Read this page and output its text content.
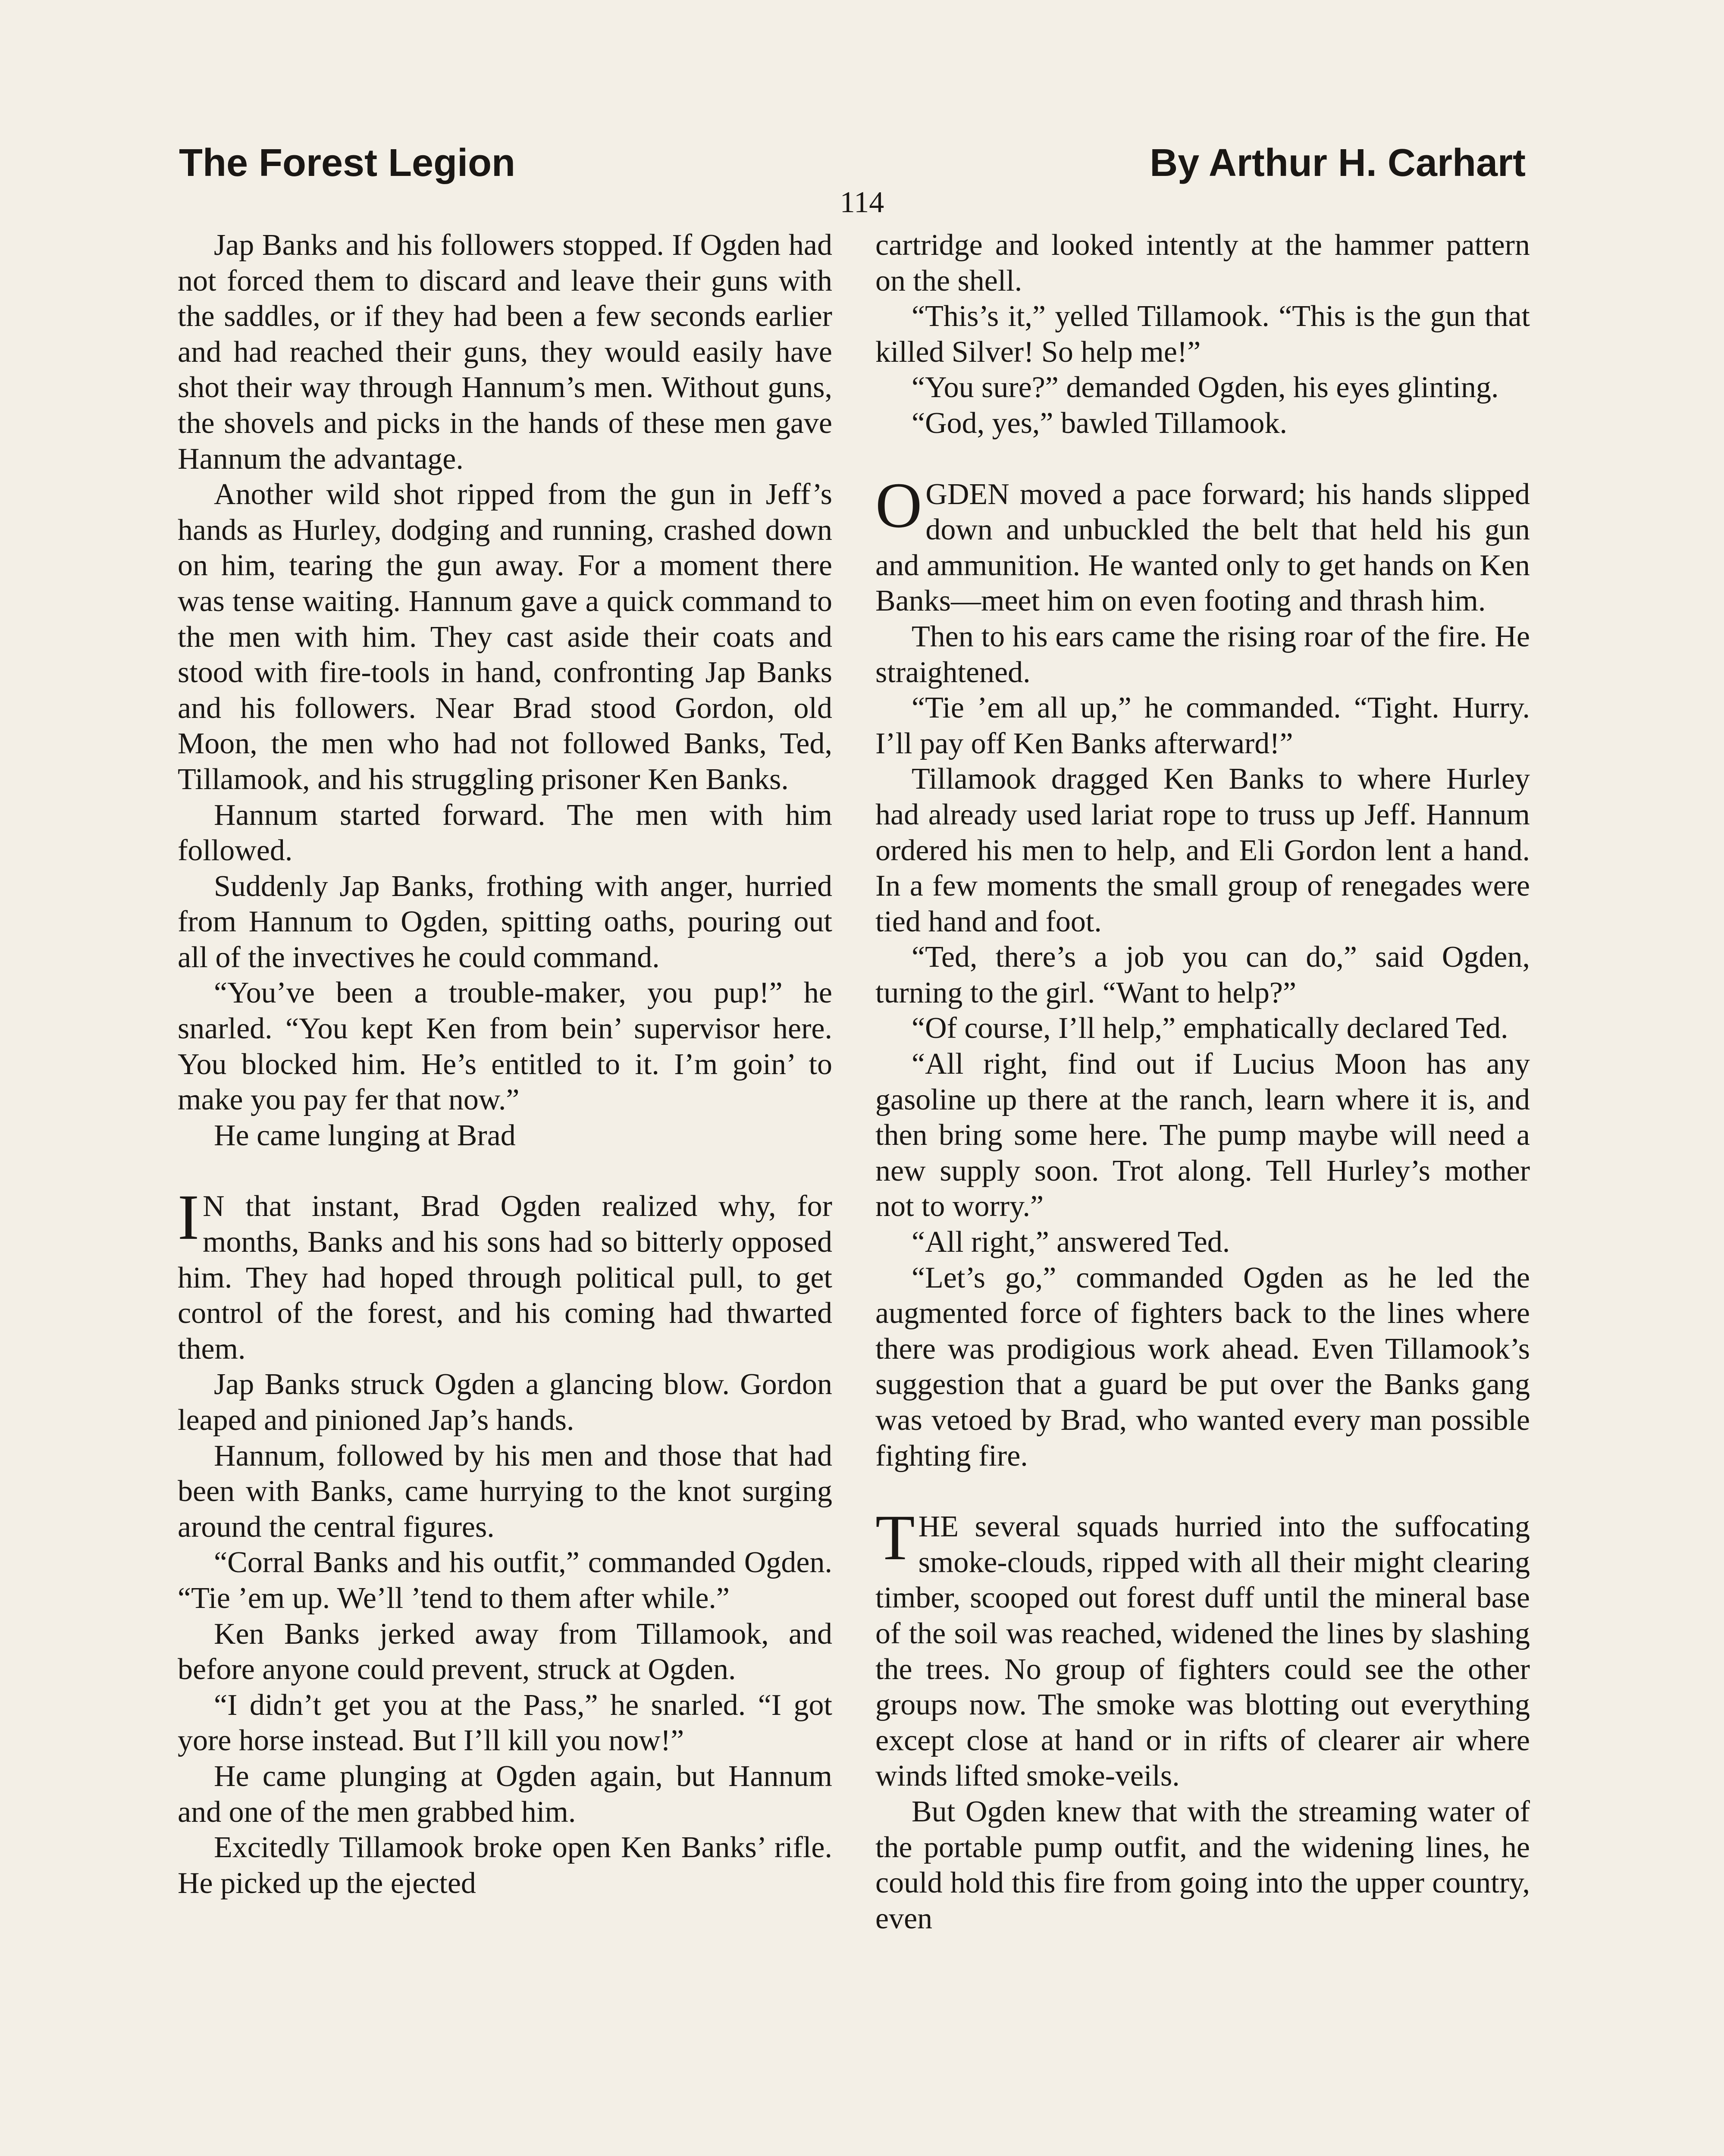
The Forest Legion	By Arthur H. Carhart
114

Jap Banks and his followers stopped. If Ogden had not forced them to discard and leave their guns with the saddles, or if they had been a few seconds earlier and had reached their guns, they would easily have shot their way through Hannum’s men. Without guns, the shovels and picks in the hands of these men gave Hannum the advantage.

Another wild shot ripped from the gun in Jeff’s hands as Hurley, dodging and running, crashed down on him, tearing the gun away. For a moment there was tense waiting. Hannum gave a quick command to the men with him. They cast aside their coats and stood with fire-tools in hand, confronting Jap Banks and his followers. Near Brad stood Gordon, old Moon, the men who had not followed Banks, Ted, Tillamook, and his struggling prisoner Ken Banks.

Hannum started forward. The men with him followed.

Suddenly Jap Banks, frothing with anger, hurried from Hannum to Ogden, spitting oaths, pouring out all of the invectives he could command.

“You’ve been a trouble-maker, you pup!” he snarled. “You kept Ken from bein’ supervisor here. You blocked him. He’s entitled to it. I’m goin’ to make you pay fer that now.”

He came lunging at Brad

I N that instant, Brad Ogden realized why, for months, Banks and his sons had so bitterly opposed him. They had hoped through political pull, to get control of the forest, and his coming had thwarted them.

Jap Banks struck Ogden a glancing blow. Gordon leaped and pinioned Jap’s hands.

Hannum, followed by his men and those that had been with Banks, came hurrying to the knot surging around the central figures.

“Corral Banks and his outfit,” commanded Ogden. “Tie ’em up. We’ll ’tend to them after while.”

Ken Banks jerked away from Tillamook, and before anyone could prevent, struck at Ogden.

“I didn’t get you at the Pass,” he snarled. “I got yore horse instead. But I’ll kill you now!”

He came plunging at Ogden again, but Hannum and one of the men grabbed him.

Excitedly Tillamook broke open Ken Banks’ rifle. He picked up the ejected

cartridge and looked intently at the hammer pattern on the shell.

“This’s it,” yelled Tillamook. “This is the gun that killed Silver! So help me!”

“You sure?” demanded Ogden, his eyes glinting.

“God, yes,” bawled Tillamook.

OGDEN moved a pace forward; his hands slipped down and unbuckled the belt that held his gun and ammunition. He wanted only to get hands on Ken Banks—meet him on even footing and thrash him.

Then to his ears came the rising roar of the fire. He straightened.

“Tie ’em all up,” he commanded. “Tight. Hurry. I’ll pay off Ken Banks afterward!”

Tillamook dragged Ken Banks to where Hurley had already used lariat rope to truss up Jeff. Hannum ordered his men to help, and Eli Gordon lent a hand. In a few moments the small group of renegades were tied hand and foot.

“Ted, there’s a job you can do,” said Ogden, turning to the girl. “Want to help?”

“Of course, I’ll help,” emphatically declared Ted.

“All right, find out if Lucius Moon has any gasoline up there at the ranch, learn where it is, and then bring some here. The pump maybe will need a new supply soon. Trot along. Tell Hurley’s mother not to worry.”

“All right,” answered Ted.

“Let’s go,” commanded Ogden as he led the augmented force of fighters back to the lines where there was prodigious work ahead. Even Tillamook’s suggestion that a guard be put over the Banks gang was vetoed by Brad, who wanted every man possible fighting fire.

THE several squads hurried into the suffocating smoke-clouds, ripped with all their might clearing timber, scooped out forest duff until the mineral base of the soil was reached, widened the lines by slashing the trees. No group of fighters could see the other groups now. The smoke was blotting out everything except close at hand or in rifts of clearer air where winds lifted smoke-veils.

But Ogden knew that with the streaming water of the portable pump outfit, and the widening lines, he could hold this fire from going into the upper country, even
